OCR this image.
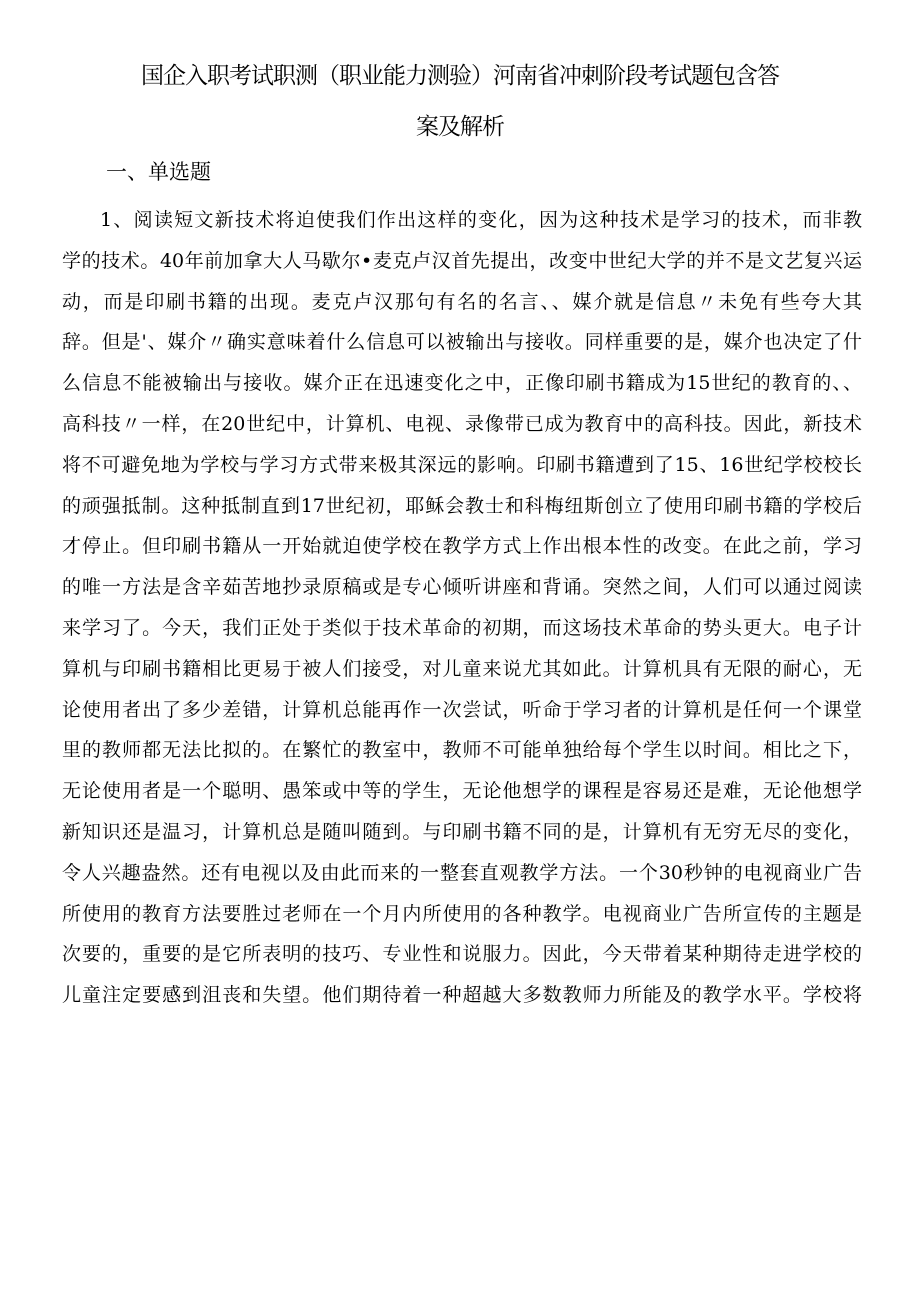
国企入职考试职测（职业能力测验）河南省冲刺阶段考试题包含答
案及解析
一、单选题
1、阅读短文新技术将迫使我们作出这样的变化，因为这种技术是学习的技术，而非教
学的技术。40年前加拿大人马歇尔•麦克卢汉首先提出，改变中世纪大学的并不是文艺复兴运
动，而是印刷书籍的出现。麦克卢汉那句有名的名言、、媒介就是信息〃未免有些夸大其
辞。但是'、媒介〃确实意味着什么信息可以被输出与接收。同样重要的是，媒介也决定了什
么信息不能被输出与接收。媒介正在迅速变化之中，正像印刷书籍成为15世纪的教育的、、
高科技〃一样，在20世纪中，计算机、电视、录像带已成为教育中的高科技。因此，新技术
将不可避免地为学校与学习方式带来极其深远的影响。印刷书籍遭到了15、16世纪学校校长
的顽强抵制。这种抵制直到17世纪初，耶稣会教士和科梅纽斯创立了使用印刷书籍的学校后
才停止。但印刷书籍从一开始就迫使学校在教学方式上作出根本性的改变。在此之前，学习
的唯一方法是含辛茹苦地抄录原稿或是专心倾听讲座和背诵。突然之间，人们可以通过阅读
来学习了。今天，我们正处于类似于技术革命的初期，而这场技术革命的势头更大。电子计
算机与印刷书籍相比更易于被人们接受，对儿童来说尤其如此。计算机具有无限的耐心，无
论使用者出了多少差错，计算机总能再作一次尝试，听命于学习者的计算机是任何一个课堂
里的教师都无法比拟的。在繁忙的教室中，教师不可能单独给每个学生以时间。相比之下，
无论使用者是一个聪明、愚笨或中等的学生，无论他想学的课程是容易还是难，无论他想学
新知识还是温习，计算机总是随叫随到。与印刷书籍不同的是，计算机有无穷无尽的变化，
令人兴趣盎然。还有电视以及由此而来的一整套直观教学方法。一个30秒钟的电视商业广告
所使用的教育方法要胜过老师在一个月内所使用的各种教学。电视商业广告所宣传的主题是
次要的，重要的是它所表明的技巧、专业性和说服力。因此，今天带着某种期待走进学校的
儿童注定要感到沮丧和失望。他们期待着一种超越大多数教师力所能及的教学水平。学校将
